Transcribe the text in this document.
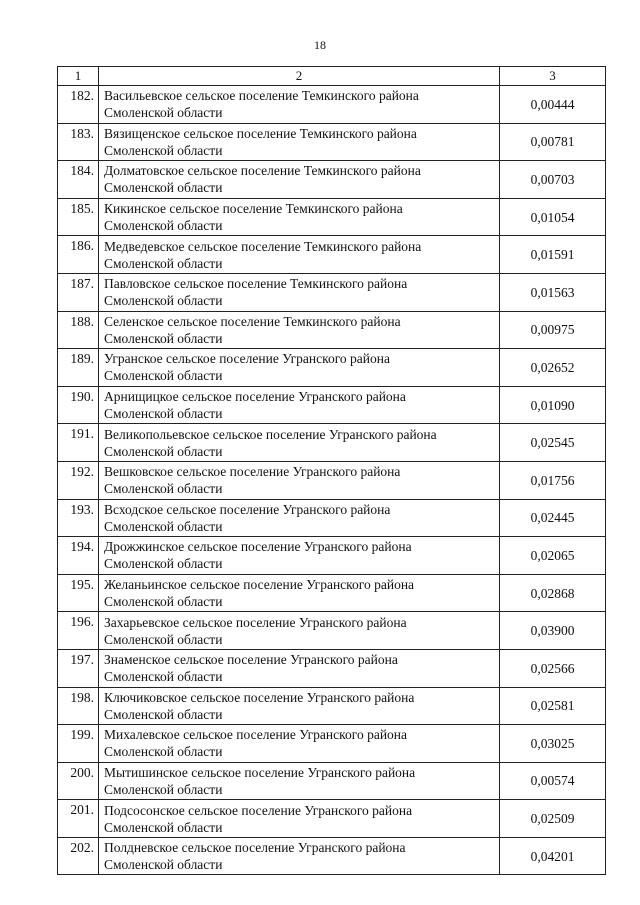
18
1	2	3
182.	Васильевское сельское поселение Темкинского района
Смоленской области	0,00444
183.	Вязищенское сельское поселение Темкинского района
Смоленской области	0,00781
184.	Долматовское сельское поселение Темкинского района
Смоленской области	0,00703
185.	Кикинское сельское поселение Темкинского района
Смоленской области	0,01054
186.	Медведевское сельское поселение Темкинского района
Смоленской области	0,01591
187.	Павловское сельское поселение Темкинского района
Смоленской области	0,01563
188.	Селенское сельское поселение Темкинского района
Смоленской области	0,00975
189.	Угранское сельское поселение Угранского района
Смоленской области	0,02652
190.	Арнищицкое сельское поселение Угранского района
Смоленской области	0,01090
191.	Великопольевское сельское поселение Угранского района
Смоленской области	0,02545
192.	Вешковское сельское поселение Угранского района
Смоленской области	0,01756
193.	Всходское сельское поселение Угранского района
Смоленской области	0,02445
194.	Дрожжинское сельское поселение Угранского района
Смоленской области	0,02065
195.	Желаньинское сельское поселение Угранского района
Смоленской области	0,02868
196.	Захарьевское сельское поселение Угранского района
Смоленской области	0,03900
197.	Знаменское сельское поселение Угранского района
Смоленской области	0,02566
198.	Ключиковское сельское поселение Угранского района
Смоленской области	0,02581
199.	Михалевское сельское поселение Угранского района
Смоленской области	0,03025
200.	Мытишинское сельское поселение Угранского района
Смоленской области	0,00574
201.	Подсосонское сельское поселение Угранского района
Смоленской области	0,02509
202.	Полдневское сельское поселение Угранского района
Смоленской области	0,04201
